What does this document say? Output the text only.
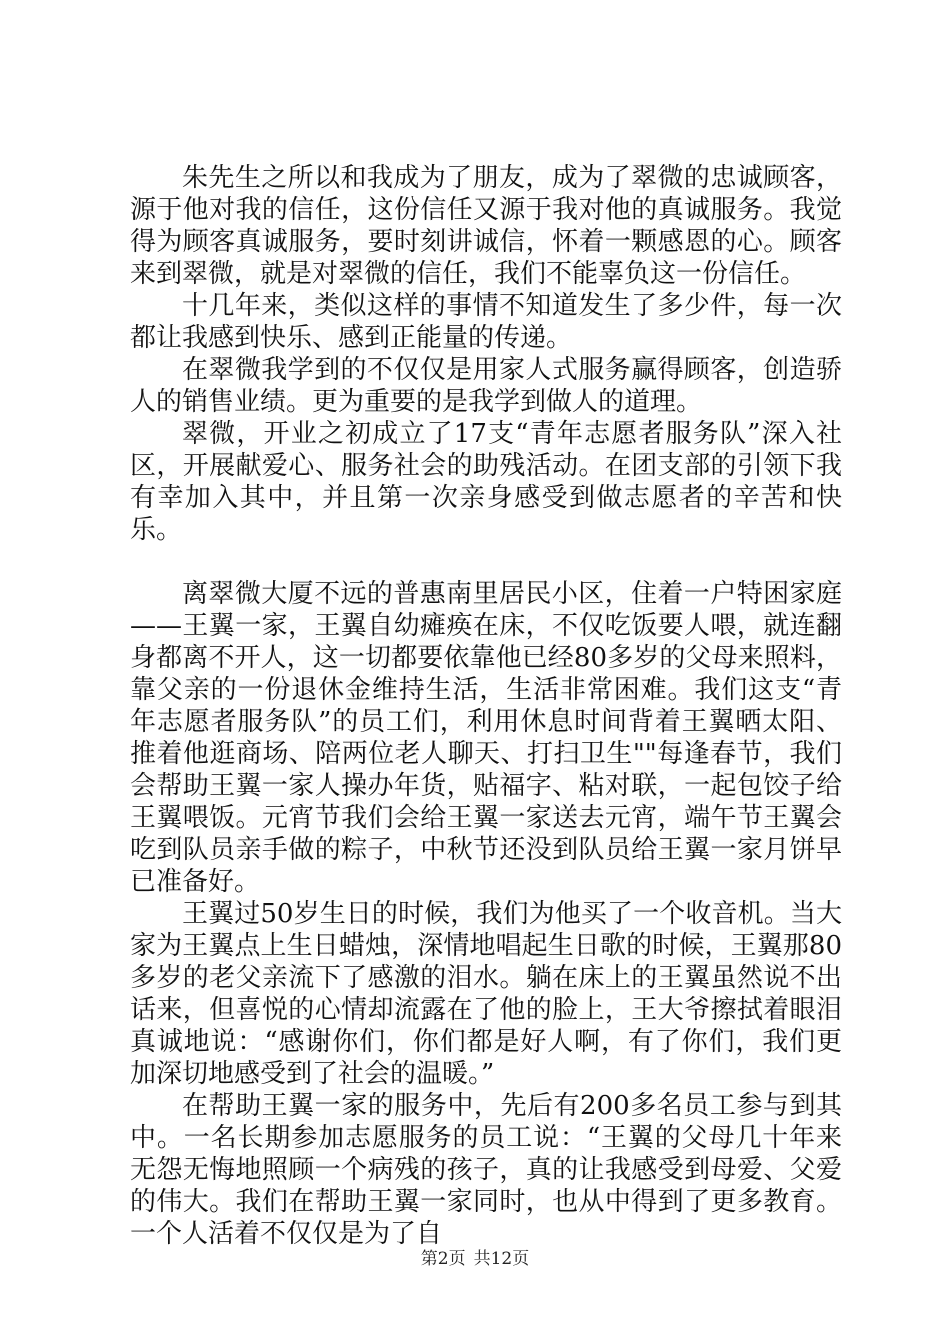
朱先生之所以和我成为了朋友，成为了翠微的忠诚顾客，源于他对我的信任，这份信任又源于我对他的真诚服务。我觉得为顾客真诚服务，要时刻讲诚信，怀着一颗感恩的心。顾客来到翠微，就是对翠微的信任，我们不能辜负这一份信任。

十几年来，类似这样的事情不知道发生了多少件，每一次都让我感到快乐、感到正能量的传递。

在翠微我学到的不仅仅是用家人式服务赢得顾客，创造骄人的销售业绩。更为重要的是我学到做人的道理。

翠微，开业之初成立了17支“青年志愿者服务队”深入社区，开展献爱心、服务社会的助残活动。在团支部的引领下我有幸加入其中，并且第一次亲身感受到做志愿者的辛苦和快乐。

离翠微大厦不远的普惠南里居民小区，住着一户特困家庭——王翼一家，王翼自幼瘫痪在床，不仅吃饭要人喂，就连翻身都离不开人，这一切都要依靠他已经80多岁的父母来照料，靠父亲的一份退休金维持生活，生活非常困难。我们这支“青年志愿者服务队”的员工们，利用休息时间背着王翼晒太阳、推着他逛商场、陪两位老人聊天、打扫卫生""每逢春节，我们会帮助王翼一家人操办年货，贴福字、粘对联，一起包饺子给王翼喂饭。元宵节我们会给王翼一家送去元宵，端午节王翼会吃到队员亲手做的粽子，中秋节还没到队员给王翼一家月饼早已准备好。

王翼过50岁生日的时候，我们为他买了一个收音机。当大家为王翼点上生日蜡烛，深情地唱起生日歌的时候，王翼那80多岁的老父亲流下了感激的泪水。躺在床上的王翼虽然说不出话来，但喜悦的心情却流露在了他的脸上，王大爷擦拭着眼泪真诚地说：“感谢你们，你们都是好人啊，有了你们，我们更加深切地感受到了社会的温暖。”

在帮助王翼一家的服务中，先后有200多名员工参与到其中。一名长期参加志愿服务的员工说：“王翼的父母几十年来无怨无悔地照顾一个病残的孩子，真的让我感受到母爱、父爱的伟大。我们在帮助王翼一家同时，也从中得到了更多教育。一个人活着不仅仅是为了自

第2页 共12页
